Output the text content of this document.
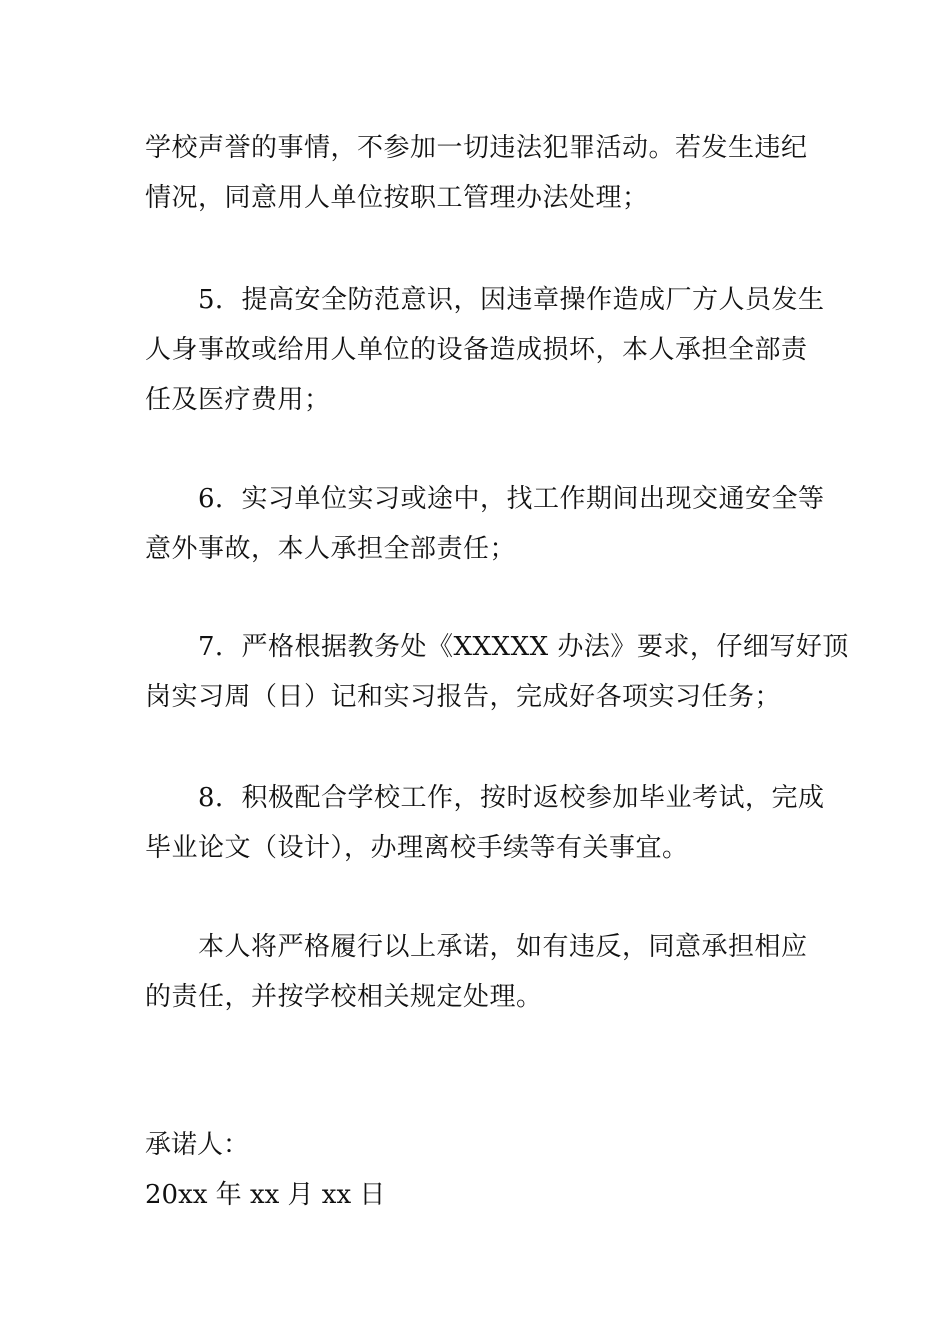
学校声誉的事情，不参加一切违法犯罪活动。若发生违纪
情况，同意用人单位按职工管理办法处理；
5．提高安全防范意识，因违章操作造成厂方人员发生
人身事故或给用人单位的设备造成损坏，本人承担全部责
任及医疗费用；
6．实习单位实习或途中，找工作期间出现交通安全等
意外事故，本人承担全部责任；
7．严格根据教务处《XXXXX 办法》要求，仔细写好顶
岗实习周（日）记和实习报告，完成好各项实习任务；
8．积极配合学校工作，按时返校参加毕业考试，完成
毕业论文（设计），办理离校手续等有关事宜。
本人将严格履行以上承诺，如有违反，同意承担相应
的责任，并按学校相关规定处理。
承诺人：
20xx 年 xx 月 xx 日
